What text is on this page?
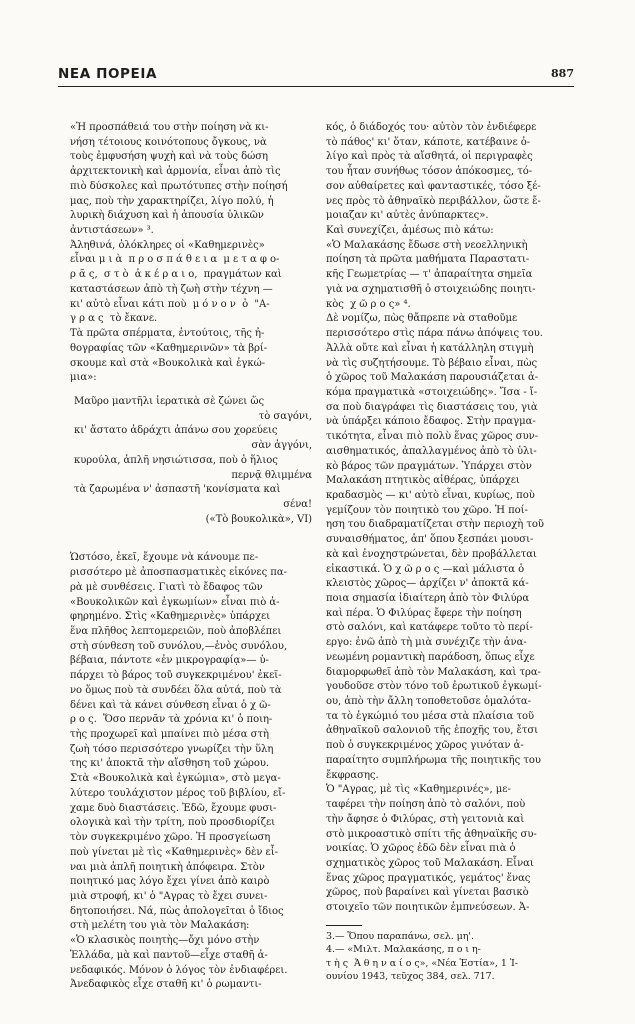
ΝΕΑ ΠΟΡΕΙΑ	887

«Ἡ προσπάθειά του στὴν ποίηση νὰ κι-

νήση τέτοιους κοινότοπους ὄγκους, νὰ

τοὺς ἐμφυσήση ψυχὴ καὶ νὰ τοὺς δώση

ἀρχιτεκτονικὴ καὶ ἁρμονία, εἶναι ἀπὸ τὶς

πιὸ δύσκολες καὶ πρωτότυπες στὴν ποίησή

μας, ποὺ τὴν χαρακτηρίζει, λίγο πολύ, ἡ

λυρικὴ διάχυση καὶ ἡ ἀπουσία ὑλικῶν

ἀντιστάσεων» ³.

Ἀληθινά, ὁλόκληρες οἱ «Καθημερινὲς»

εἶναι μ ι ὰ  π ρ ο σ π ά θ ε ι α  μ ε τ α φ ο-

ρ ᾶ ς,  σ τ ὸ  ἀ κ έ ρ α ι ο,  πραγμάτων καὶ

καταστάσεων ἀπὸ τὴ ζωὴ στὴν τέχνη —

κι' αὐτὸ εἶναι κάτι ποὺ  μ ό ν ο ν  ὁ  "Α-

γ ρ α ς  τὸ ἔκανε.

Τὰ πρῶτα σπέρματα, ἐντούτοις, τῆς ἠ-

θογραφίας τῶν «Καθημερινῶν» τὰ βρί-

σκουμε καὶ στὰ «Βουκολικὰ καὶ ἐγκώ-

μια»:

Μαῦρο μαντῆλι ἱερατικὰ σὲ ζώνει ὥς
τὸ σαγόνι,
κι' ἄστατο ἀδράχτι ἀπάνω σου χορεύεις
σὰν ἀγγόνι,
κυρούλα, ἁπλῆ νησιώτισσα, ποὺ ὁ ἥλιος
περνᾷ θλιμμένα
τὰ ζαρωμένα ν' ἀσπαστῆ 'κονίσματα καὶ
σένα!
(«Τὸ βουκολικὰ», VI)

Ὡστόσο, ἐκεῖ, ἔχουμε νὰ κάνουμε πε-

ρισσότερο μὲ ἀποσπασματικὲς εἰκόνες πα-

ρὰ μὲ συνθέσεις. Γιατὶ τὸ ἔδαφος τῶν

«Βουκολικῶν καὶ ἐγκωμίων» εἶναι πιὸ ἀ-

φηρημένο. Στὶς «Καθημερινὲς» ὑπάρχει

ἕνα πλῆθος λεπτομερειῶν, ποὺ ἀποβλέπει

στὴ σύνθεση τοῦ συνόλου,—ἑνὸς συνόλου,

βέβαια, πάντοτε «ἐν μικρογραφίᾳ»— ὑ-

πάρχει τὸ βάρος τοῦ συγκεκριμένου' ἐκεῖ-

νο ὅμως ποὺ τὰ συνδέει ὅλα αὐτά, ποὺ τὰ

δένει καὶ τὰ κάνει σύνθεση εἶναι ὁ χ ῶ-

ρ ο ς.  Ὅσο περνᾶν τὰ χρόνια κι' ὁ ποιη-

τὴς προχωρεῖ καὶ μπαίνει πιὸ μέσα στὴ

ζωὴ τόσο περισσότερο γνωρίζει τὴν ὕλη

της κι' ἀποκτᾶ τὴν αἴσθηση τοῦ χώρου.

Στὰ «Βουκολικὰ καὶ ἐγκώμια», στὸ μεγα-

λύτερο τουλάχιστον μέρος τοῦ βιβλίου, εἴ-

χαμε δυὸ διαστάσεις. Ἐδῶ, ἔχουμε φυσι-

ολογικὰ καὶ τὴν τρίτη, ποὺ προσδιορίζει

τὸν συγκεκριμένο χῶρο. Ἡ προσγείωση

ποὺ γίνεται μὲ τὶς «Καθημερινὲς» δὲν εἶ-

ναι μιὰ ἁπλῆ ποιητικὴ ἀπόφειρα. Στὸν

ποιητικό μας λόγο ἔχει γίνει ἀπὸ καιρὸ

μιὰ στροφή, κι' ὁ "Αγρας τὸ ἔχει συνει-

δητοποιήσει. Νά, πὼς ἀπολογεῖται ὁ ἴδιος

στὴ μελέτη του γιὰ τὸν Μαλακάση:

«Ὁ κλασικὸς ποιητὴς—ὄχι μόνο στὴν

Ἑλλάδα, μὰ καὶ παντοῦ—εἶχε σταθῆ ἀ-

νεδαφικός. Μόνον ὁ λόγος τὸν ἐνδιαφέρει.

Ἀνεδαφικὸς εἶχε σταθῆ κι' ὁ ρωμαντι-

κός, ὁ διάδοχός του· αὐτὸν τὸν ἐνδιέφερε

τὸ πάθος' κι' ὅταν, κάποτε, κατέβαινε ὀ-

λίγο καὶ πρὸς τὰ αἴσθητά, οἱ περιγραφὲς

του ἦταν συνήθως τόσον ἀπόκοσμες, τό-

σον αὐθαίρετες καὶ φανταστικές, τόσο ξέ-

νες πρὸς τὸ ἀθηναϊκὸ περιβάλλον, ὥστε ἔ-

μοιαζαν κι' αὐτὲς ἀνύπαρκτες».

Καὶ συνεχίζει, ἀμέσως πιὸ κάτω:

«Ὁ Μαλακάσης ἔδωσε στὴ νεοελληνικὴ

ποίηση τὰ πρῶτα μαθήματα Παραστατι-

κῆς Γεωμετρίας — τ' ἀπαραίτητα σημεῖα

γιὰ να σχηματισθῆ ὁ στοιχειώδης ποιητι-

κὸς  χ ῶ ρ ο ς» ⁴.

Δὲ νομίζω, πὼς θἄπρεπε νὰ σταθοῦμε

περισσότερο στὶς πάρα πάνω ἀπόψεις του.

Ἀλλὰ οὔτε καὶ εἶναι ἡ κατάλληλη στιγμὴ

νὰ τὶς συζητήσουμε. Τὸ βέβαιο εἶναι, πὼς

ὁ χῶρος τοῦ Μαλακάση παρουσιάζεται ἀ-

κόμα πραγματικὰ «στοιχειώδης». Ἴσα - ἴ-

σα ποὺ διαγράφει τὶς διαστάσεις του, γιὰ

νὰ ὑπάρξει κάποιο ἔδαφος. Στὴν πραγμα-

τικότητα, εἶναι πιὸ πολὺ ἕνας χῶρος συν-

αισθηματικός, ἀπαλλαγμένος ἀπὸ τὸ ὑλι-

κὸ βάρος τῶν πραγμάτων. Ὑπάρχει στὸν

Μαλακάση πτητικὸς αἰθέρας, ὑπάρχει

κραδασμὸς — κι' αὐτὸ εἶναι, κυρίως, ποὺ

γεμίζουν τὸν ποιητικὸ του χῶρο. Ἡ ποί-

ηση του διαδραματίζεται στὴν περιοχὴ τοῦ

συναισθήματος, ἀπ' ὅπου ξεσπάει μουσι-

κὰ καὶ ἐνοχηστρώνεται, δὲν προβάλλεται

εἰκαστικά. Ὁ χ ῶ ρ ο ς —καὶ μάλιστα ὁ

κλειστὸς χῶρος— ἀρχίζει ν' ἀποκτᾶ κά-

ποια σημασία ἰδιαίτερη ἀπὸ τὸν Φιλύρα

καὶ πέρα. Ὁ Φιλύρας ἔφερε τὴν ποίηση

στὸ σαλόνι, καὶ κατάφερε τοῦτο τὸ περί-

εργο: ἐνῶ ἀπὸ τὴ μιὰ συνέχιζε τὴν ἀνα-

νεωμένη ρομαντικὴ παράδοση, ὅπως εἶχε

διαμορφωθεῖ ἀπὸ τὸν Μαλακάση, καὶ τρα-

γουδοῦσε στὸν τόνο τοῦ ἐρωτικοῦ ἐγκωμί-

ου, ἀπὸ τὴν ἄλλη τοποθετοῦσε ὁμαλότα-

τα τὸ ἐγκώμιό του μέσα στὰ πλαίσια τοῦ

ἀθηναϊκοῦ σαλονιοῦ τῆς ἐποχῆς του, ἔτσι

ποὺ ὁ συγκεκριμένος χῶρος γινόταν ἀ-

παραίτητο συμπλήρωμα τῆς ποιητικῆς του

ἔκφρασης.

Ὁ "Αγρας, μὲ τὶς «Καθημερινές», με-

ταφέρει τὴν ποίηση ἀπὸ τὸ σαλόνι, ποὺ

τὴν ἄφησε ὁ Φιλύρας, στὴ γειτονιὰ καὶ

στὸ μικροαστικὸ σπίτι τῆς ἀθηναϊκῆς συ-

νοικίας. Ὁ χῶρος ἐδῶ δὲν εἶναι πιὰ ὁ

σχηματικὸς χῶρος τοῦ Μαλακάση. Εἶναι

ἕνας χῶρος πραγματικός, γεμάτος' ἕνας

χῶρος, ποὺ βαραίνει καὶ γίνεται βασικὸ

στοιχεῖο τῶν ποιητικῶν ἐμπνεύσεων. Ἀ-

3.— Ὅπου παραπάνω, σελ. μη'.

4.— «Μιλτ. Μαλακάσης, π ο ι η-

τ ὴ ς  Ἀ θ η ν α ί ο ς», «Νέα Ἑστία», 1 Ἰ-

ουνίου 1943, τεῦχος 384, σελ. 717.
